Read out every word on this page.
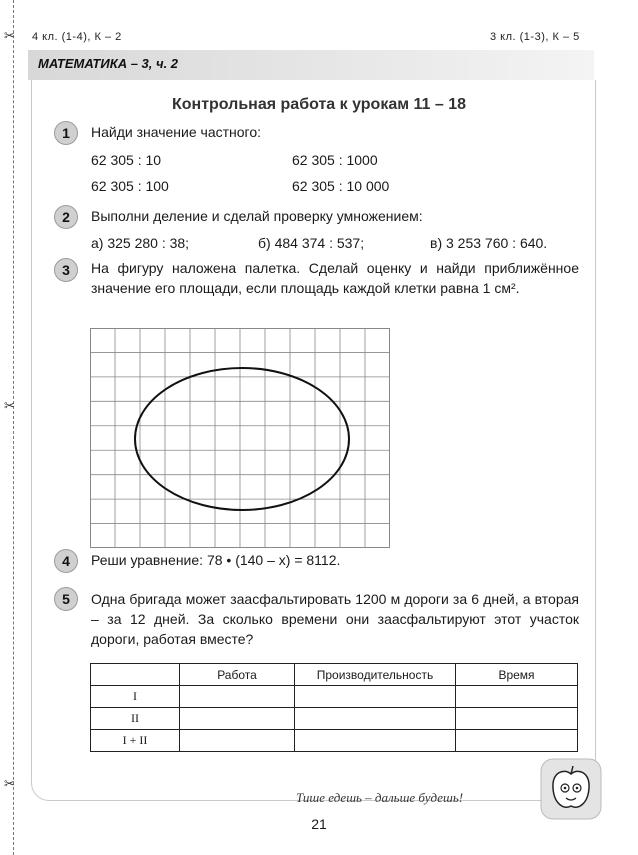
✂
✂
✂
4 кл. (1-4), К – 2	3 кл. (1-3), К – 5
МАТЕМАТИКА – 3, ч. 2
Контрольная работа к урокам 11 – 18
1	Найди значение частного:
62 305 : 10	62 305 : 1000
62 305 : 100	62 305 : 10 000
2	Выполни деление и сделай проверку умножением:
а) 325 280 : 38;	б) 484 374 : 537;	в) 3 253 760 : 640.
3	На фигуру наложена палетка. Сделай оценку и найди приближённое значение его площади, если площадь каждой клетки равна 1 см².
4	Реши уравнение: 78 • (140 – x) = 8112.
5	Одна бригада может заасфальтировать 1200 м дороги за 6 дней, а вторая – за 12 дней. За сколько времени они заасфальтируют этот участок дороги, работая вместе?
	Работа	Производительность	Время
I			
II			
I + II			
Тише едешь – дальше будешь!
21
